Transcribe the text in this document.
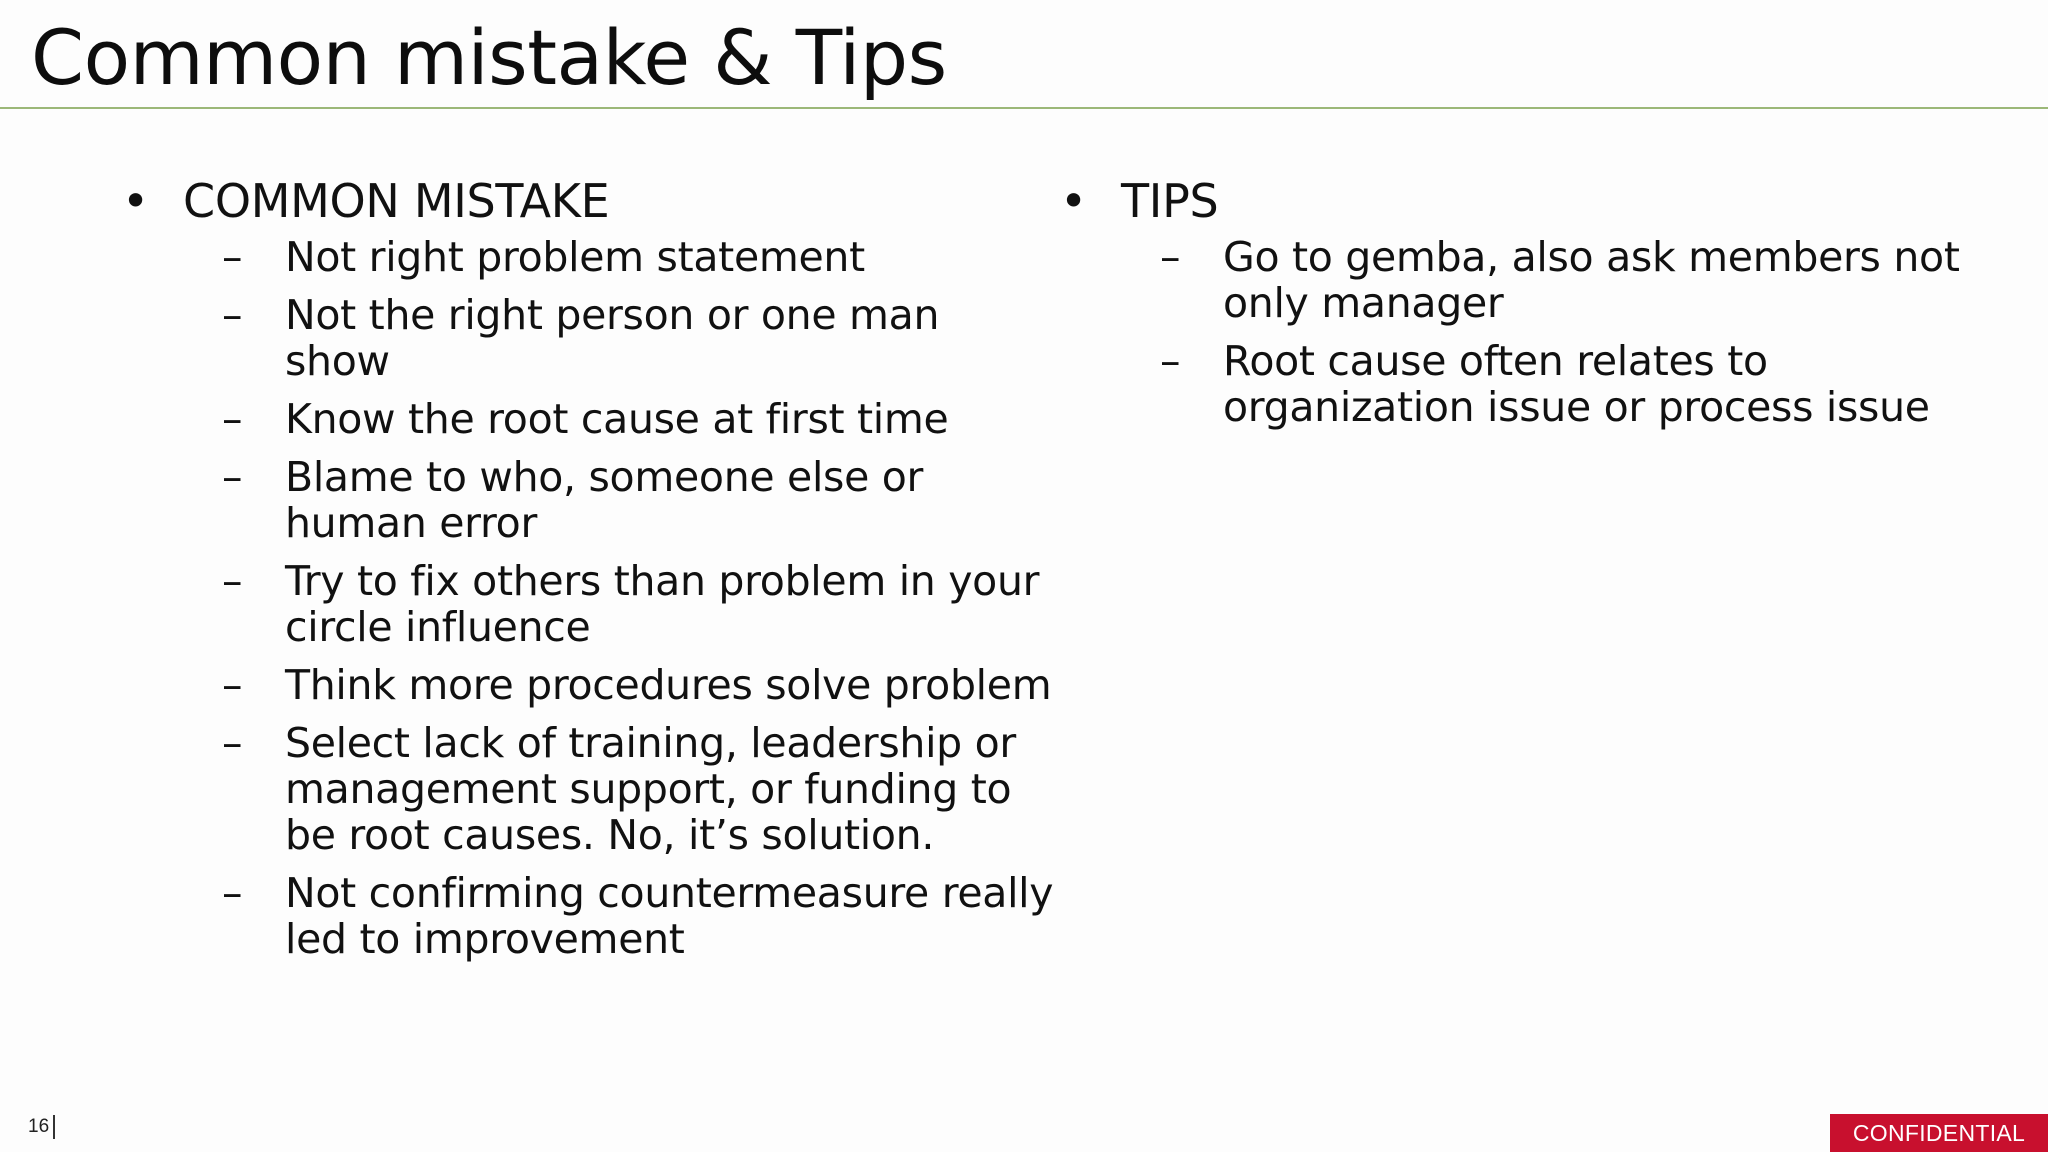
Common mistake & Tips
• COMMON MISTAKE
– Not right problem statement
– Not the right person or one man show
– Know the root cause at first time
– Blame to who, someone else or human error
– Try to fix others than problem in your circle influence
– Think more procedures solve problem
– Select lack of training, leadership or management support, or funding to be root causes. No, it’s solution.
– Not confirming countermeasure really led to improvement
• TIPS
– Go to gemba, also ask members not only manager
– Root cause often relates to organization issue or process issue
16	CONFIDENTIAL
